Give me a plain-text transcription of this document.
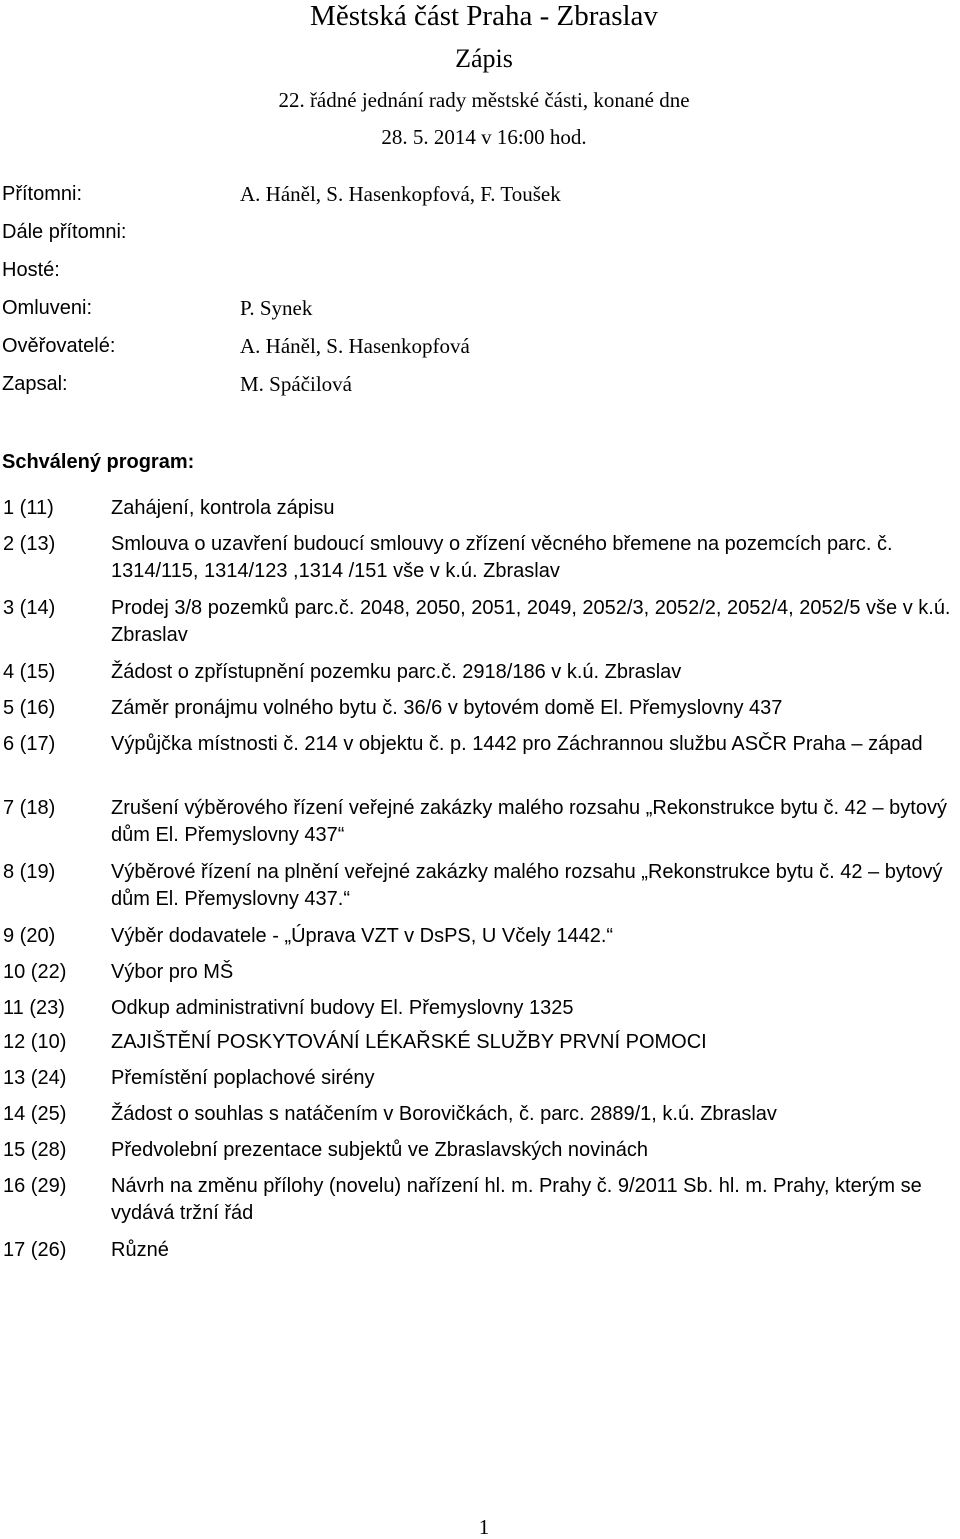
Městská část Praha - Zbraslav
Zápis
22. řádné jednání rady městské části, konané dne
28. 5. 2014 v 16:00 hod.
Přítomni:	A. Háněl, S. Hasenkopfová, F. Toušek
Dále přítomni:
Hosté:
Omluveni:	P. Synek
Ověřovatelé:	A. Háněl, S. Hasenkopfová
Zapsal:	M. Spáčilová
Schválený program:
1 (11)	Zahájení, kontrola zápisu
2 (13)	Smlouva o uzavření budoucí smlouvy o zřízení věcného břemene na pozemcích parc. č. 1314/115, 1314/123 ,1314 /151 vše v k.ú. Zbraslav
3 (14)	Prodej 3/8 pozemků parc.č. 2048, 2050, 2051, 2049, 2052/3, 2052/2, 2052/4, 2052/5 vše v k.ú. Zbraslav
4 (15)	Žádost o zpřístupnění pozemku parc.č. 2918/186 v k.ú. Zbraslav
5 (16)	Záměr pronájmu volného bytu č. 36/6 v bytovém domě El. Přemyslovny 437
6 (17)	Výpůjčka místnosti č. 214 v objektu č. p. 1442 pro Záchrannou službu ASČR Praha – západ
7 (18)	Zrušení výběrového řízení veřejné zakázky malého rozsahu „Rekonstrukce bytu č. 42 – bytový dům El. Přemyslovny 437“
8 (19)	Výběrové řízení na plnění veřejné zakázky malého rozsahu „Rekonstrukce bytu č. 42 – bytový dům El. Přemyslovny 437.“
9 (20)	Výběr dodavatele - „Úprava VZT v DsPS, U Včely 1442.“
10 (22) Výbor pro MŠ
11 (23) Odkup administrativní budovy El. Přemyslovny 1325
12 (10) ZAJIŠTĚNÍ POSKYTOVÁNÍ LÉKAŘSKÉ SLUŽBY PRVNÍ POMOCI
13 (24) Přemístění poplachové sirény
14 (25) Žádost o souhlas s natáčením v Borovičkách, č. parc. 2889/1, k.ú. Zbraslav
15 (28) Předvolební prezentace subjektů ve Zbraslavských novinách
16 (29) Návrh na změnu přílohy (novelu) nařízení hl. m. Prahy č. 9/2011 Sb. hl. m. Prahy, kterým se vydává tržní řád
17 (26) Různé
1
